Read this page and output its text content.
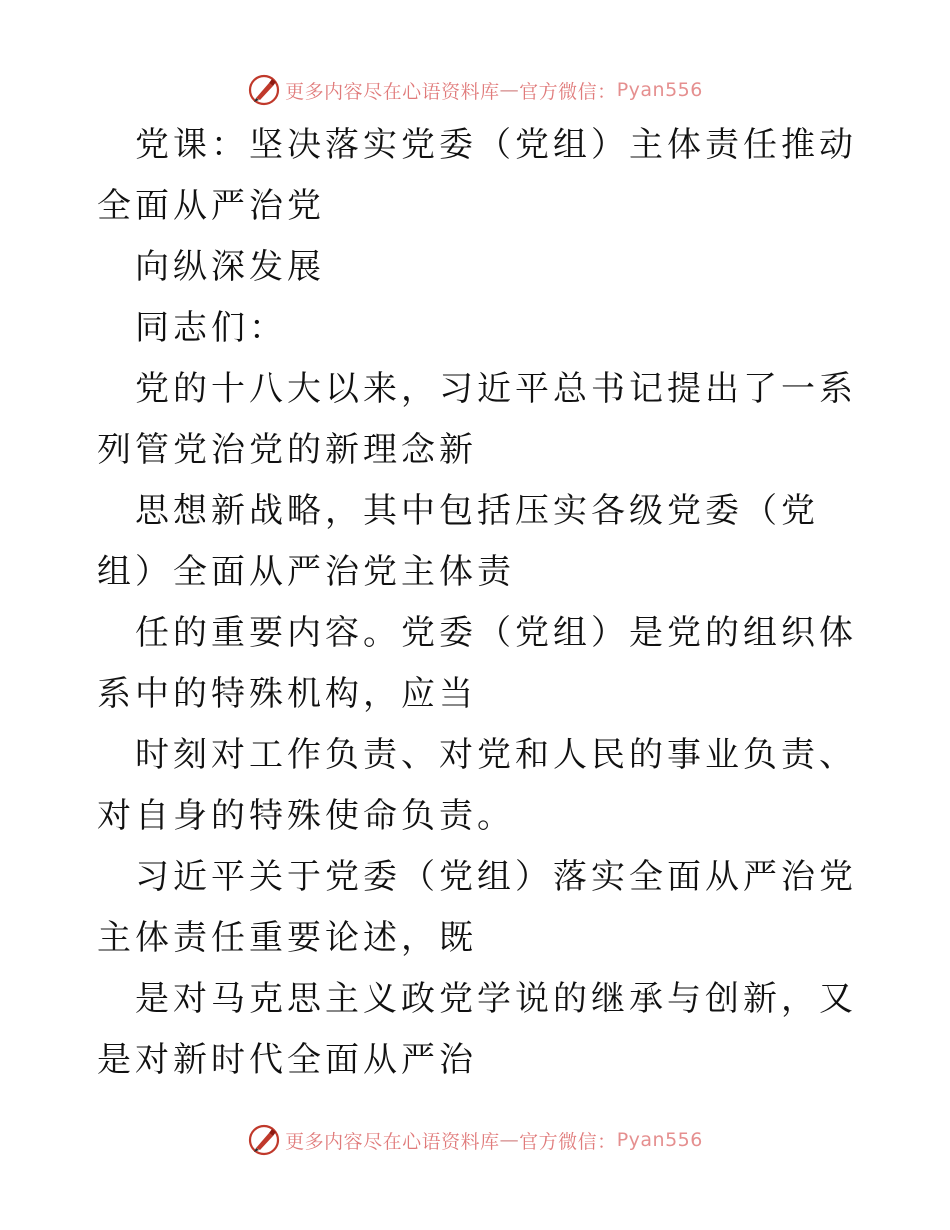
更多内容尽在心语资料库 — 官方微信： Pyan556

党课：坚决落实党委（党组）主体责任推动全面从严治党

向纵深发展

同志们：

党的十八大以来，习近平总书记提出了一系列管党治党的新理念新

思想新战略，其中包括压实各级党委（党组）全面从严治党主体责

任的重要内容。党委（党组）是党的组织体系中的特殊机构，应当

时刻对工作负责、对党和人民的事业负责、对自身的特殊使命负责。

习近平关于党委（党组）落实全面从严治党主体责任重要论述，既

是对马克思主义政党学说的继承与创新，又是对新时代全面从严治

更多内容尽在心语资料库 — 官方微信： Pyan556
